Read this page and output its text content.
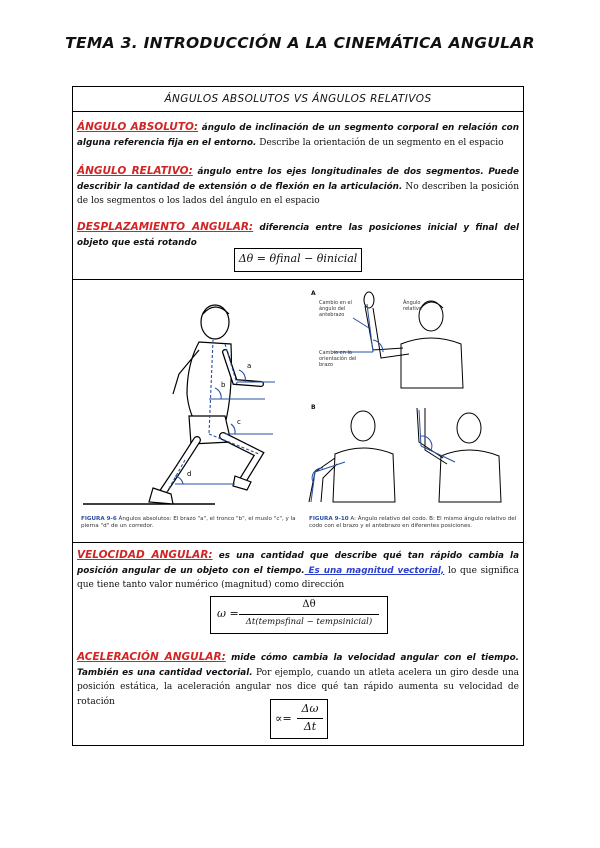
TEMA 3. INTRODUCCIÓN A LA CINEMÁTICA ANGULAR
ÁNGULOS ABSOLUTOS VS ÁNGULOS RELATIVOS
ÁNGULO ABSOLUTO: ángulo de inclinación de un segmento corporal en relación con alguna referencia fija en el entorno. Describe la orientación de un segmento en el espacio
ÁNGULO RELATIVO: ángulo entre los ejes longitudinales de dos segmentos. Puede describir la cantidad de extensión o de flexión en la articulación. No describen la posición de los segmentos o los lados del ángulo en el espacio
DESPLAZAMIENTO ANGULAR: diferencia entre las posiciones inicial y final del objeto que está rotando
Δθ = θfinal − θinicial
a
b
c
d
FIGURA 9-6 Ángulos absolutos: El brazo "a", el tronco "b", el muslo "c", y la pierna "d" de un corredor.
A
B
Cambio en el ángulo del antebrazo
Ángulo relativo
Cambio en la orientación del brazo
FIGURA 9-10 A: Ángulo relativo del codo. B: El mismo ángulo relativo del codo con el brazo y el antebrazo en diferentes posiciones.
VELOCIDAD ANGULAR: es una cantidad que describe qué tan rápido cambia la posición angular de un objeto con el tiempo. Es una magnitud vectorial, lo que significa que tiene tanto valor numérico (magnitud) como dirección
ω =
Δθ
Δt(tempsfinal − tempsinicial)
ACELERACIÓN ANGULAR: mide cómo cambia la velocidad angular con el tiempo. También es una cantidad vectorial. Por ejemplo, cuando un atleta acelera un giro desde una posición estática, la aceleración angular nos dice qué tan rápido aumenta su velocidad de rotación
∝=
Δω
Δt
